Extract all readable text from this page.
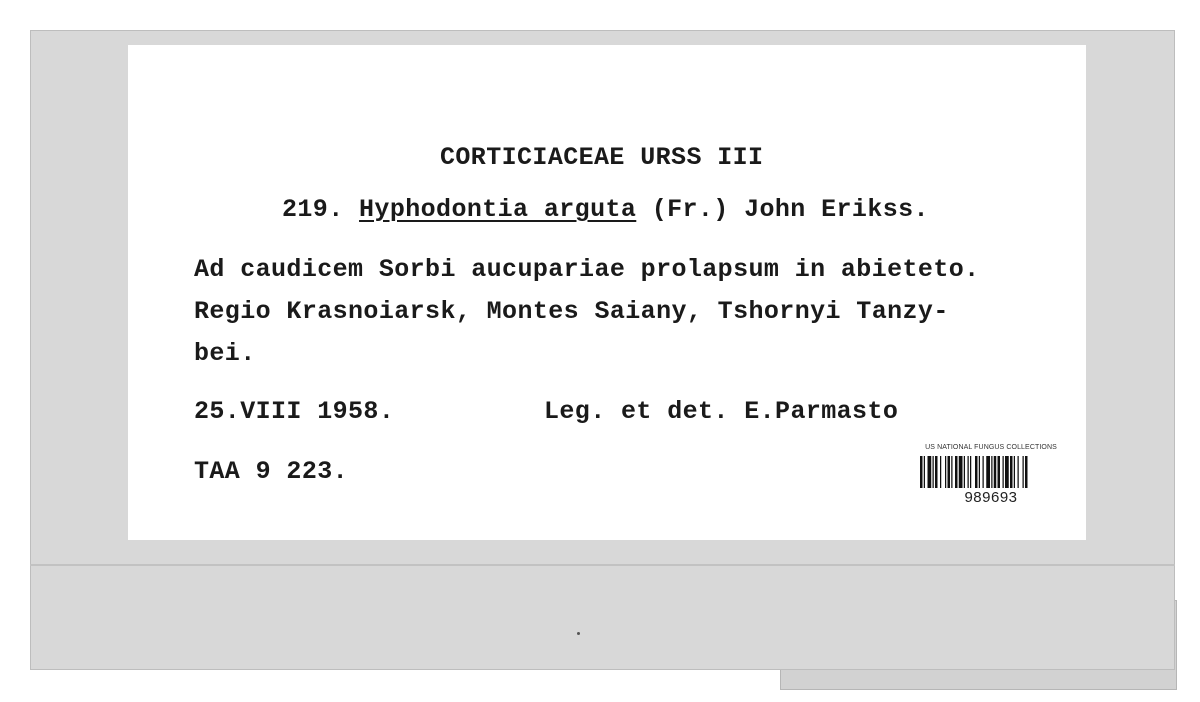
CORTICIACEAE URSS III

219. Hyphodontia arguta (Fr.) John Erikss.

Ad caudicem Sorbi aucupariae prolapsum in abieteto.

Regio Krasnoiarsk, Montes Saiany, Tshornyi Tanzy-

bei.

25.VIII 1958.	Leg. et det. E.Parmasto

TAA 9 223.

US NATIONAL FUNGUS COLLECTIONS
989693
